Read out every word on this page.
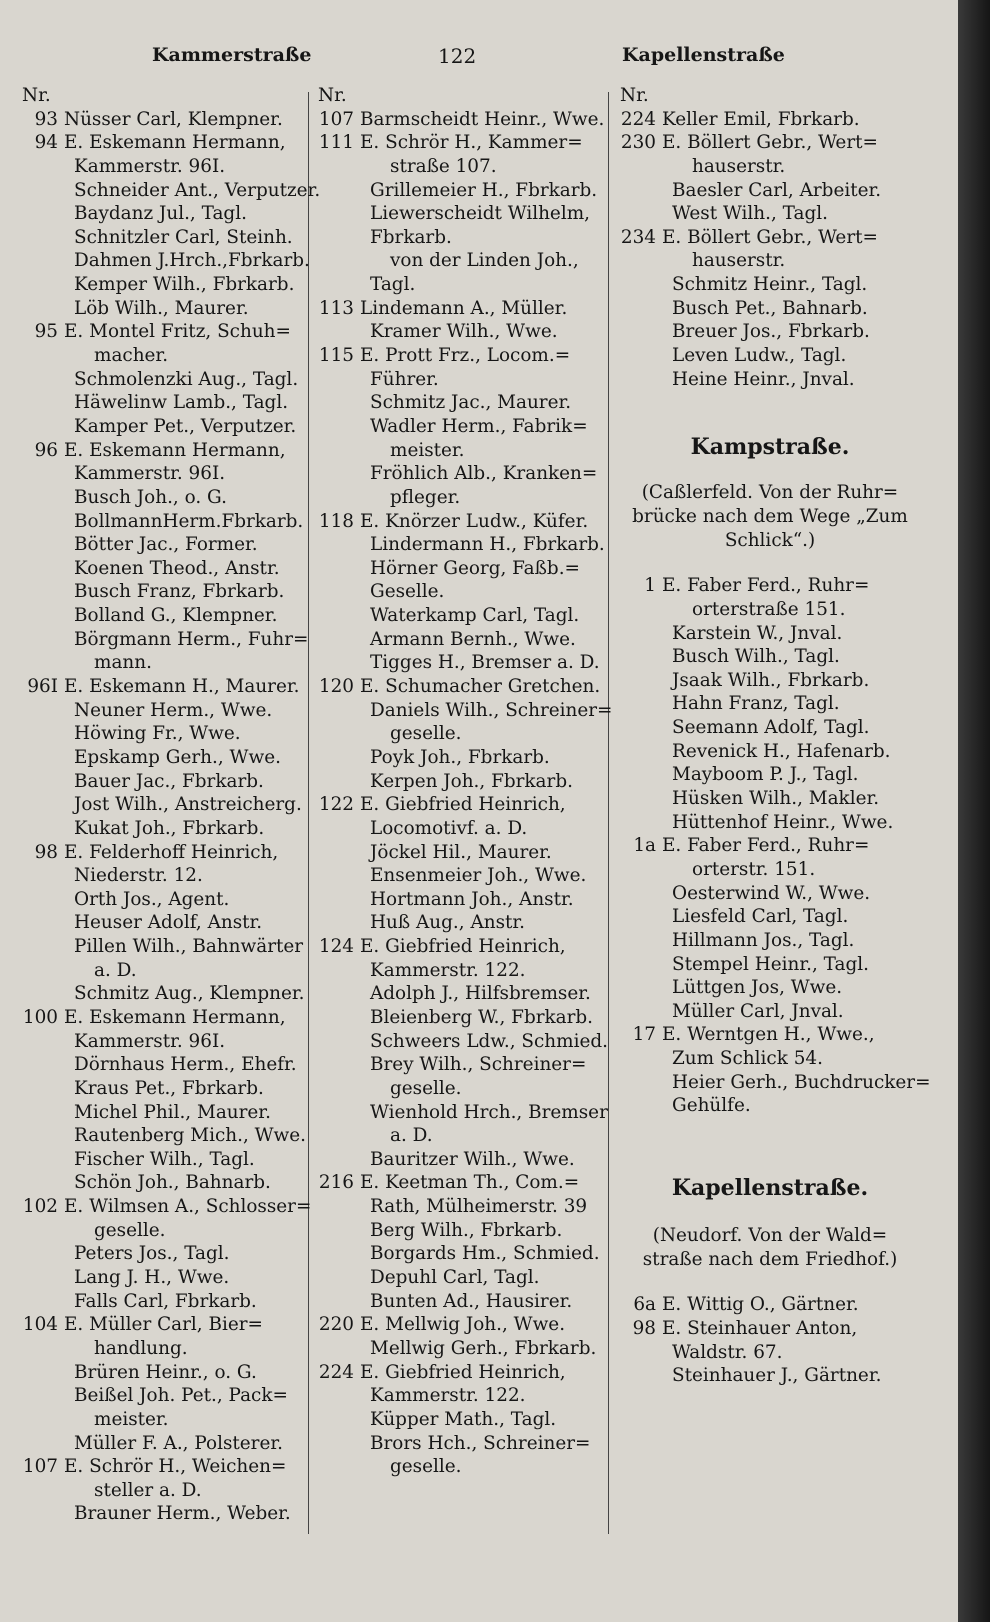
Kammerstraße	122	Kapellenstraße
Nr.
93 Nüsser Carl, Klempner.
94 E. Eskemann Hermann,
Kammerstr. 96I.
Schneider Ant., Verputzer.
Baydanz Jul., Tagl.
Schnitzler Carl, Steinh.
Dahmen J.Hrch.,Fbrkarb.
Kemper Wilh., Fbrkarb.
Löb Wilh., Maurer.
95 E. Montel Fritz, Schuh=
macher.
Schmolenzki Aug., Tagl.
Häwelinw Lamb., Tagl.
Kamper Pet., Verputzer.
96 E. Eskemann Hermann,
Kammerstr. 96I.
Busch Joh., o. G.
BollmannHerm.Fbrkarb.
Bötter Jac., Former.
Koenen Theod., Anstr.
Busch Franz, Fbrkarb.
Bolland G., Klempner.
Börgmann Herm., Fuhr=
mann.
96I E. Eskemann H., Maurer.
Neuner Herm., Wwe.
Höwing Fr., Wwe.
Epskamp Gerh., Wwe.
Bauer Jac., Fbrkarb.
Jost Wilh., Anstreicherg.
Kukat Joh., Fbrkarb.
98 E. Felderhoff Heinrich,
Niederstr. 12.
Orth Jos., Agent.
Heuser Adolf, Anstr.
Pillen Wilh., Bahnwärter
a. D.
Schmitz Aug., Klempner.
100 E. Eskemann Hermann,
Kammerstr. 96I.
Dörnhaus Herm., Ehefr.
Kraus Pet., Fbrkarb.
Michel Phil., Maurer.
Rautenberg Mich., Wwe.
Fischer Wilh., Tagl.
Schön Joh., Bahnarb.
102 E. Wilmsen A., Schlosser=
geselle.
Peters Jos., Tagl.
Lang J. H., Wwe.
Falls Carl, Fbrkarb.
104 E. Müller Carl, Bier=
handlung.
Brüren Heinr., o. G.
Beißel Joh. Pet., Pack=
meister.
Müller F. A., Polsterer.
107 E. Schrör H., Weichen=
steller a. D.
Brauner Herm., Weber.
Nr.
107 Barmscheidt Heinr., Wwe.
111 E. Schrör H., Kammer=
straße 107.
Grillemeier H., Fbrkarb.
Liewerscheidt Wilhelm,
Fbrkarb.
von der Linden Joh.,
Tagl.
113 Lindemann A., Müller.
Kramer Wilh., Wwe.
115 E. Prott Frz., Locom.=
Führer.
Schmitz Jac., Maurer.
Wadler Herm., Fabrik=
meister.
Fröhlich Alb., Kranken=
pfleger.
118 E. Knörzer Ludw., Küfer.
Lindermann H., Fbrkarb.
Hörner Georg, Faßb.=
Geselle.
Waterkamp Carl, Tagl.
Armann Bernh., Wwe.
Tigges H., Bremser a. D.
120 E. Schumacher Gretchen.
Daniels Wilh., Schreiner=
geselle.
Poyk Joh., Fbrkarb.
Kerpen Joh., Fbrkarb.
122 E. Giebfried Heinrich,
Locomotivf. a. D.
Jöckel Hil., Maurer.
Ensenmeier Joh., Wwe.
Hortmann Joh., Anstr.
Huß Aug., Anstr.
124 E. Giebfried Heinrich,
Kammerstr. 122.
Adolph J., Hilfsbremser.
Bleienberg W., Fbrkarb.
Schweers Ldw., Schmied.
Brey Wilh., Schreiner=
geselle.
Wienhold Hrch., Bremser
a. D.
Bauritzer Wilh., Wwe.
216 E. Keetman Th., Com.=
Rath, Mülheimerstr. 39
Berg Wilh., Fbrkarb.
Borgards Hm., Schmied.
Depuhl Carl, Tagl.
Bunten Ad., Hausirer.
220 E. Mellwig Joh., Wwe.
Mellwig Gerh., Fbrkarb.
224 E. Giebfried Heinrich,
Kammerstr. 122.
Küpper Math., Tagl.
Brors Hch., Schreiner=
geselle.
Nr.
224 Keller Emil, Fbrkarb.
230 E. Böllert Gebr., Wert=
hauserstr.
Baesler Carl, Arbeiter.
West Wilh., Tagl.
234 E. Böllert Gebr., Wert=
hauserstr.
Schmitz Heinr., Tagl.
Busch Pet., Bahnarb.
Breuer Jos., Fbrkarb.
Leven Ludw., Tagl.
Heine Heinr., Jnval.
Kampstraße.
(Caßlerfeld. Von der Ruhr=
brücke nach dem Wege „Zum
Schlick“.)
1 E. Faber Ferd., Ruhr=
orterstraße 151.
Karstein W., Jnval.
Busch Wilh., Tagl.
Jsaak Wilh., Fbrkarb.
Hahn Franz, Tagl.
Seemann Adolf, Tagl.
Revenick H., Hafenarb.
Mayboom P. J., Tagl.
Hüsken Wilh., Makler.
Hüttenhof Heinr., Wwe.
1a E. Faber Ferd., Ruhr=
orterstr. 151.
Oesterwind W., Wwe.
Liesfeld Carl, Tagl.
Hillmann Jos., Tagl.
Stempel Heinr., Tagl.
Lüttgen Jos, Wwe.
Müller Carl, Jnval.
17 E. Werntgen H., Wwe.,
Zum Schlick 54.
Heier Gerh., Buchdrucker=
Gehülfe.
Kapellenstraße.
(Neudorf. Von der Wald=
straße nach dem Friedhof.)
6a E. Wittig O., Gärtner.
98 E. Steinhauer Anton,
Waldstr. 67.
Steinhauer J., Gärtner.
